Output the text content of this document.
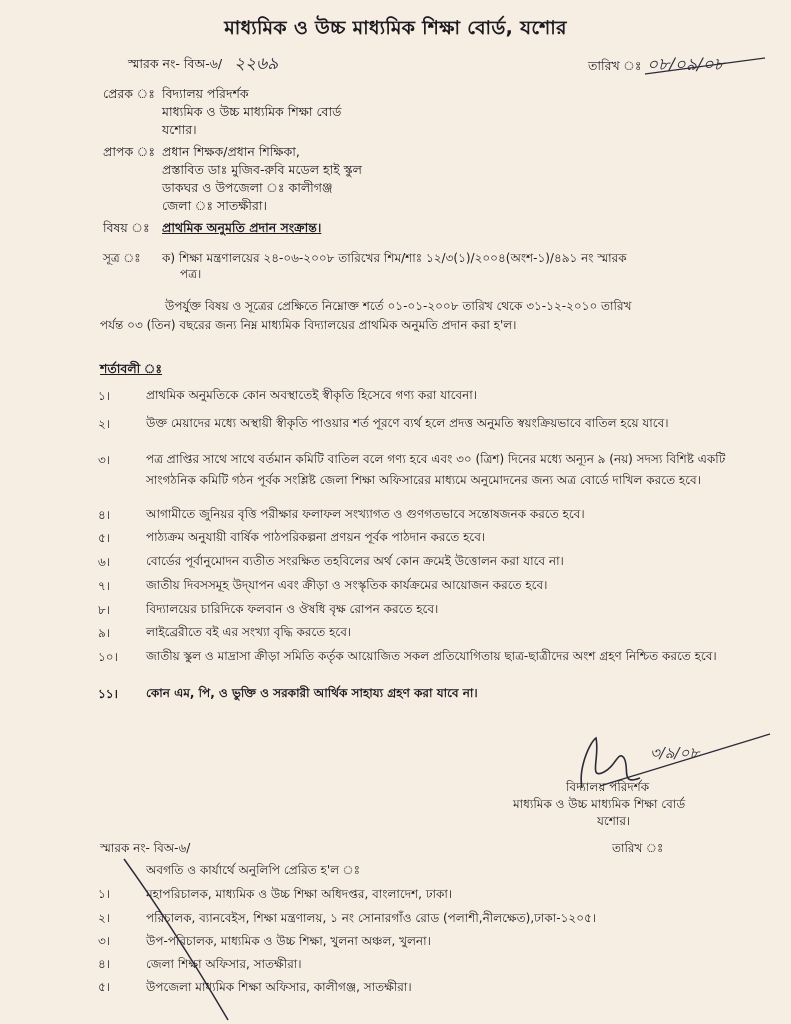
মাধ্যমিক ও উচ্চ মাধ্যমিক শিক্ষা বোর্ড, যশোর
স্মারক নং- বিঅ-৬/ ২২৬৯	তারিখ ঃ ০৮/০৯/০৮
প্রেরক ঃ বিদ্যালয় পরিদর্শক
মাধ্যমিক ও উচ্চ মাধ্যমিক শিক্ষা বোর্ড
যশোর।
প্রাপক ঃ প্রধান শিক্ষক/প্রধান শিক্ষিকা,
প্রস্তাবিত ডাঃ মুজিব-রুবি মডেল হাই স্কুল
ডাকঘর ও উপজেলা ঃ কালীগঞ্জ
জেলা ঃ সাতক্ষীরা।
বিষয় ঃ প্রাথমিক অনুমতি প্রদান সংক্রান্ত।
সূত্র ঃ ক) শিক্ষা মন্ত্রণালয়ের ২৪-০৬-২০০৮ তারিখের শিম/শাঃ ১২/৩(১)/২০০৪(অংশ-১)/৪৯১ নং স্মারক
পত্র।
উপর্যুক্ত বিষয় ও সূত্রের প্রেক্ষিতে নিম্নোক্ত শর্তে ০১-০১-২০০৮ তারিখ থেকে ৩১-১২-২০১০ তারিখ
পর্যন্ত ০৩ (তিন) বছরের জন্য নিম্ন মাধ্যমিক বিদ্যালয়ের প্রাথমিক অনুমতি প্রদান করা হ'ল।
শর্তাবলী ঃ
১।	প্রাথমিক অনুমতিকে কোন অবস্থাতেই স্বীকৃতি হিসেবে গণ্য করা যাবেনা।
২।	উক্ত মেয়াদের মধ্যে অস্থায়ী স্বীকৃতি পাওয়ার শর্ত পূরণে ব্যর্থ হলে প্রদত্ত অনুমতি স্বয়ংক্রিয়ভাবে বাতিল হয়ে যাবে।
৩।	পত্র প্রাপ্তির সাথে সাথে বর্তমান কমিটি বাতিল বলে গণ্য হবে এবং ৩০ (ত্রিশ) দিনের মধ্যে অন্যূন ৯ (নয়) সদস্য বিশিষ্ট একটি সাংগঠনিক কমিটি গঠন পূর্বক সংশ্লিষ্ট জেলা শিক্ষা অফিসারের মাধ্যমে অনুমোদনের জন্য অত্র বোর্ডে দাখিল করতে হবে।
৪।	আগামীতে জুনিয়র বৃত্তি পরীক্ষার ফলাফল সংখ্যাগত ও গুণগতভাবে সন্তোষজনক করতে হবে।
৫।	পাঠ্যক্রম অনুযায়ী বার্ষিক পাঠপরিকল্পনা প্রণয়ন পূর্বক পাঠদান করতে হবে।
৬।	বোর্ডের পূর্বানুমোদন ব্যতীত সংরক্ষিত তহবিলের অর্থ কোন ক্রমেই উত্তোলন করা যাবে না।
৭।	জাতীয় দিবসসমূহ উদ্‌যাপন এবং ক্রীড়া ও সংস্কৃতিক কার্যক্রমের আয়োজন করতে হবে।
৮।	বিদ্যালয়ের চারিদিকে ফলবান ও ঔষধি বৃক্ষ রোপন করতে হবে।
৯।	লাইব্রেরীতে বই এর সংখ্যা বৃদ্ধি করতে হবে।
১০। জাতীয় স্কুল ও মাদ্রাসা ক্রীড়া সমিতি কর্তৃক আয়োজিত সকল প্রতিযোগিতায় ছাত্র-ছাত্রীদের অংশ গ্রহণ নিশ্চিত করতে হবে।
১১। কোন এম, পি, ও ভুক্তি ও সরকারী আর্থিক সাহায্য গ্রহণ করা যাবে না।
৩/৯/০৮
বিদ্যালয় পরিদর্শক
মাধ্যমিক ও উচ্চ মাধ্যমিক শিক্ষা বোর্ড
যশোর।
স্মারক নং- বিঅ-৬/	তারিখ ঃ
অবগতি ও কার্যার্থে অনুলিপি প্রেরিত হ'ল ঃ
১।	মহাপরিচালক, মাধ্যমিক ও উচ্চ শিক্ষা অধিদপ্তর, বাংলাদেশ, ঢাকা।
২।	পরিচালক, ব্যানবেইস, শিক্ষা মন্ত্রণালয়, ১ নং সোনারগাঁও রোড (পলাশী,নীলক্ষেত),ঢাকা-১২০৫।
৩।	উপ-পরিচালক, মাধ্যমিক ও উচ্চ শিক্ষা, খুলনা অঞ্চল, খুলনা।
৪।	জেলা শিক্ষা অফিসার, সাতক্ষীরা।
৫।	উপজেলা মাধ্যমিক শিক্ষা অফিসার, কালীগঞ্জ, সাতক্ষীরা।
